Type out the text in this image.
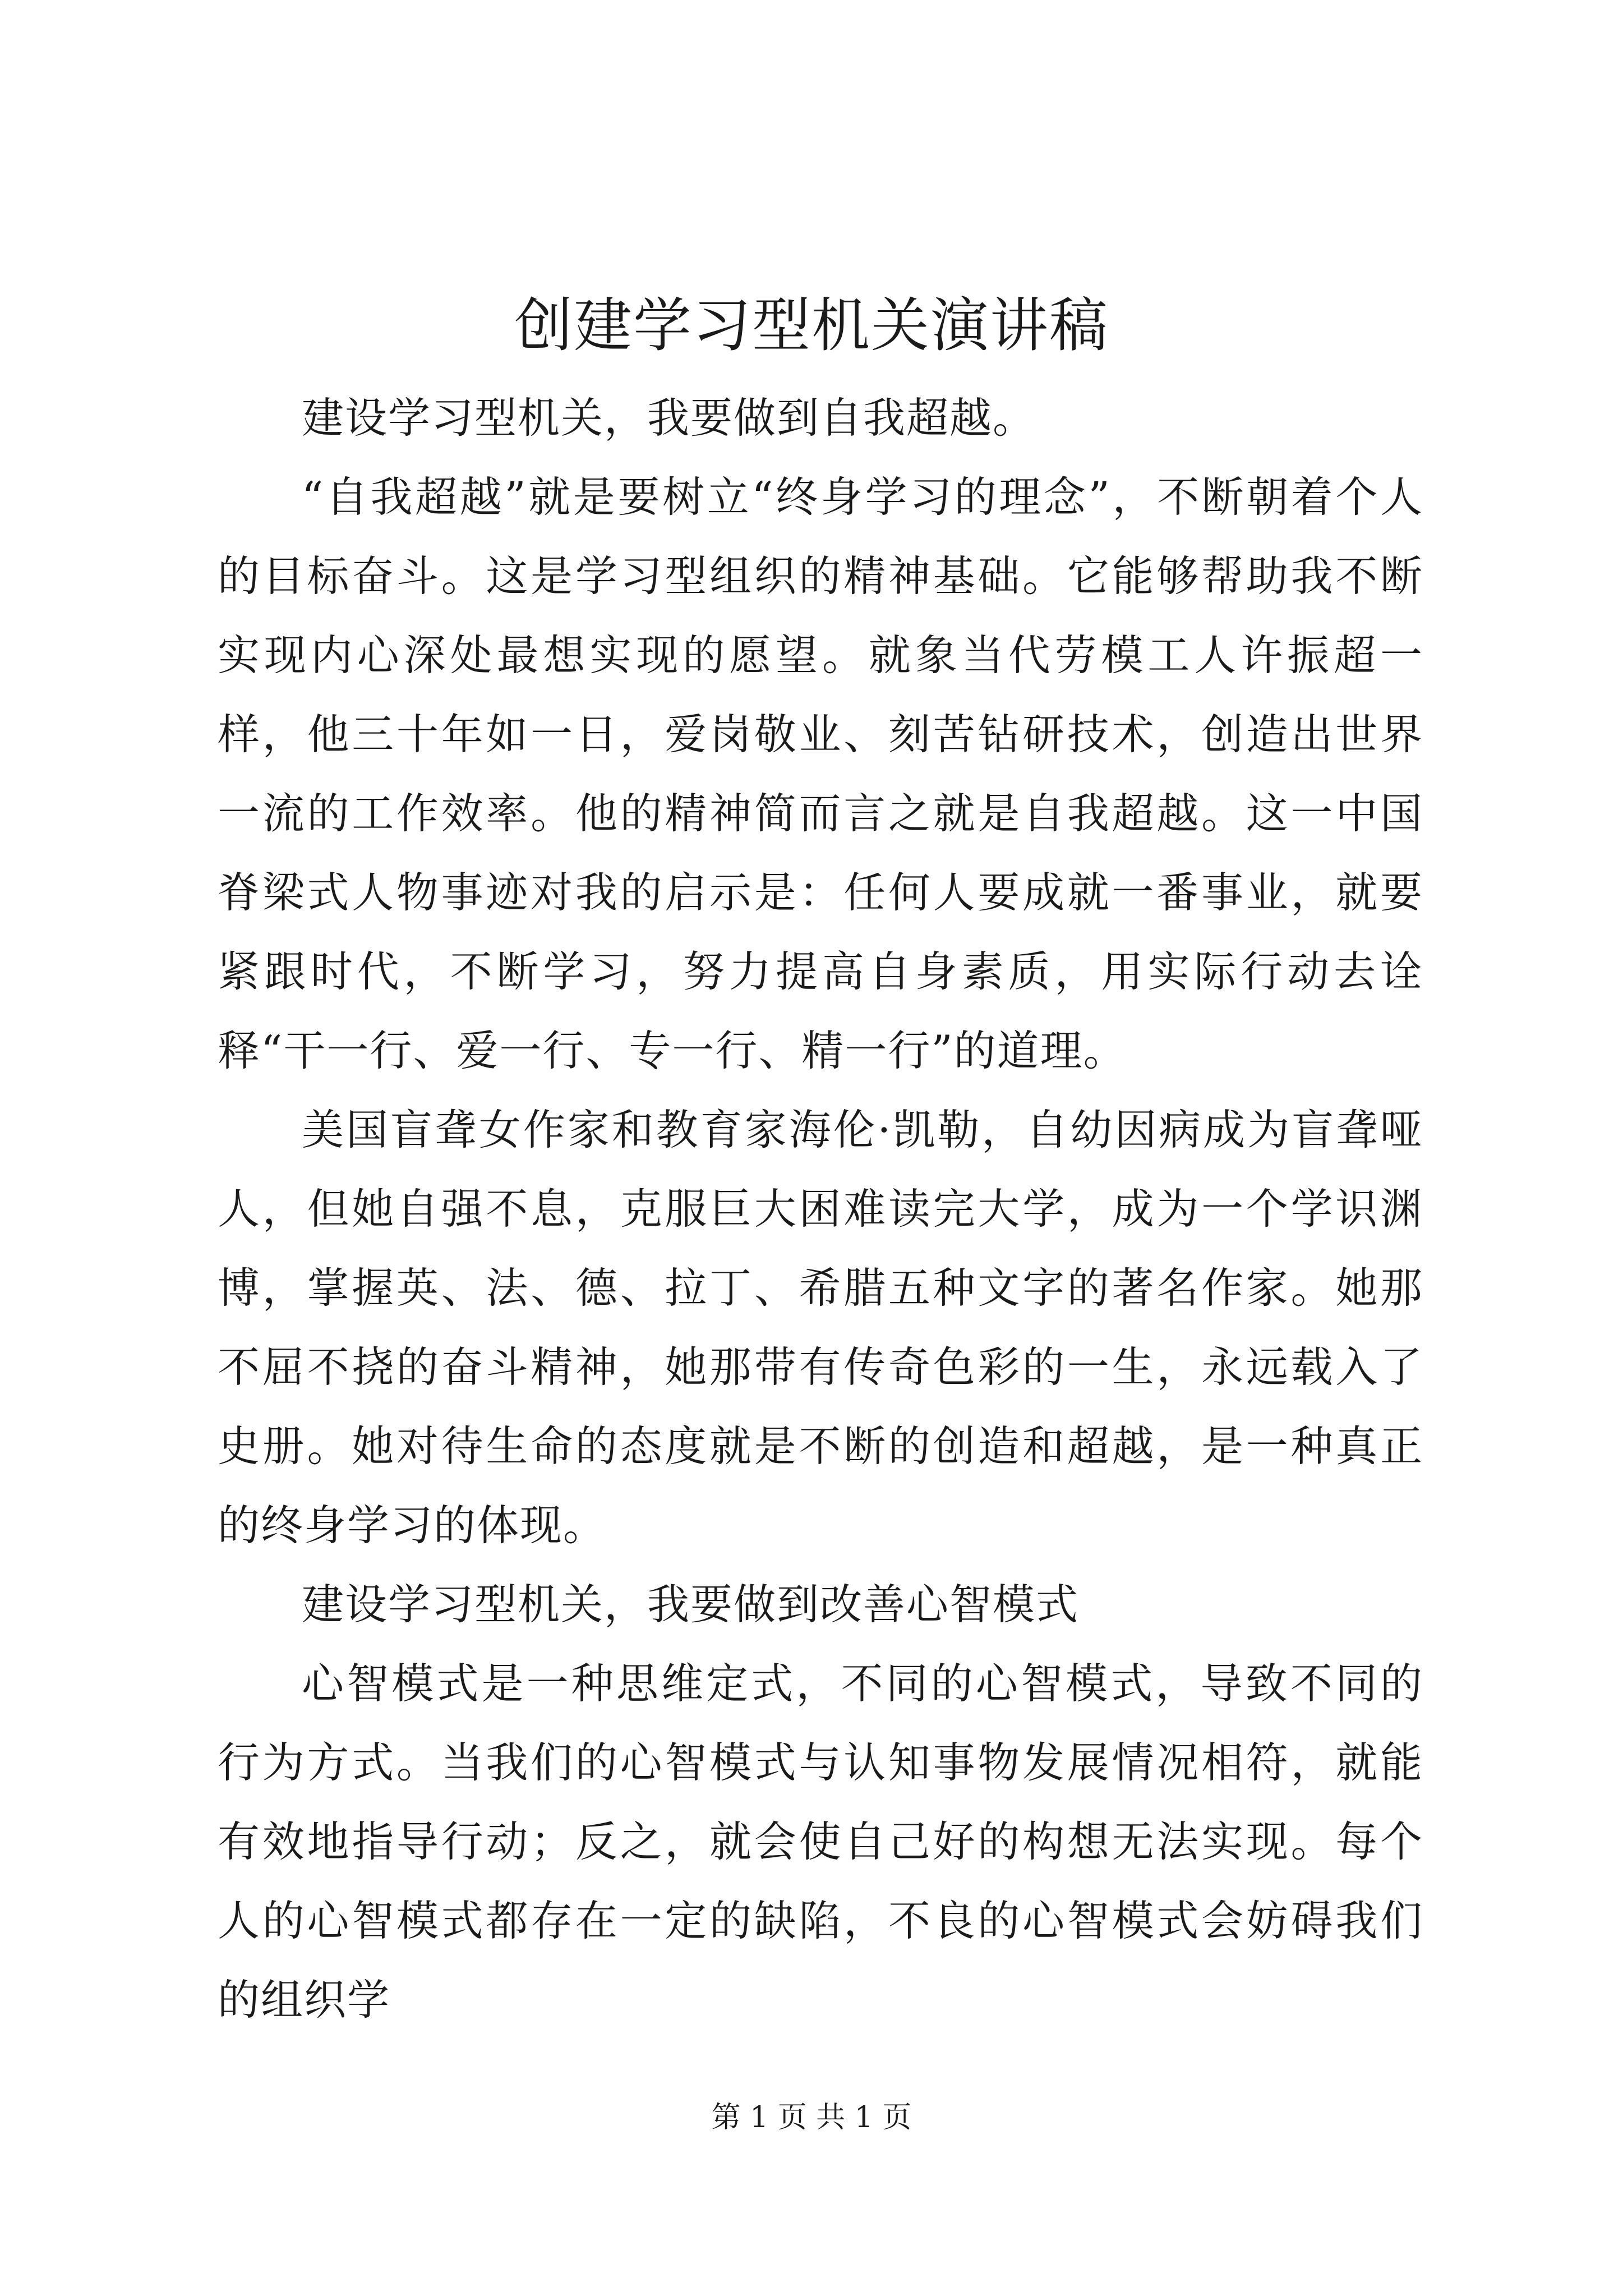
创建学习型机关演讲稿

建设学习型机关，我要做到自我超越。

“自我超越”就是要树立“终身学习的理念”，不断朝着个人的目标奋斗。这是学习型组织的精神基础。它能够帮助我不断实现内心深处最想实现的愿望。就象当代劳模工人许振超一样，他三十年如一日，爱岗敬业、刻苦钻研技术，创造出世界一流的工作效率。他的精神简而言之就是自我超越。这一中国脊梁式人物事迹对我的启示是：任何人要成就一番事业，就要紧跟时代，不断学习，努力提高自身素质，用实际行动去诠释“干一行、爱一行、专一行、精一行”的道理。

美国盲聋女作家和教育家海伦·凯勒，自幼因病成为盲聋哑人，但她自强不息，克服巨大困难读完大学，成为一个学识渊博，掌握英、法、德、拉丁、希腊五种文字的著名作家。她那不屈不挠的奋斗精神，她那带有传奇色彩的一生，永远载入了史册。她对待生命的态度就是不断的创造和超越，是一种真正的终身学习的体现。

建设学习型机关，我要做到改善心智模式

心智模式是一种思维定式，不同的心智模式，导致不同的行为方式。当我们的心智模式与认知事物发展情况相符，就能有效地指导行动；反之，就会使自己好的构想无法实现。每个人的心智模式都存在一定的缺陷，不良的心智模式会妨碍我们的组织学

第 1 页 共 1 页
